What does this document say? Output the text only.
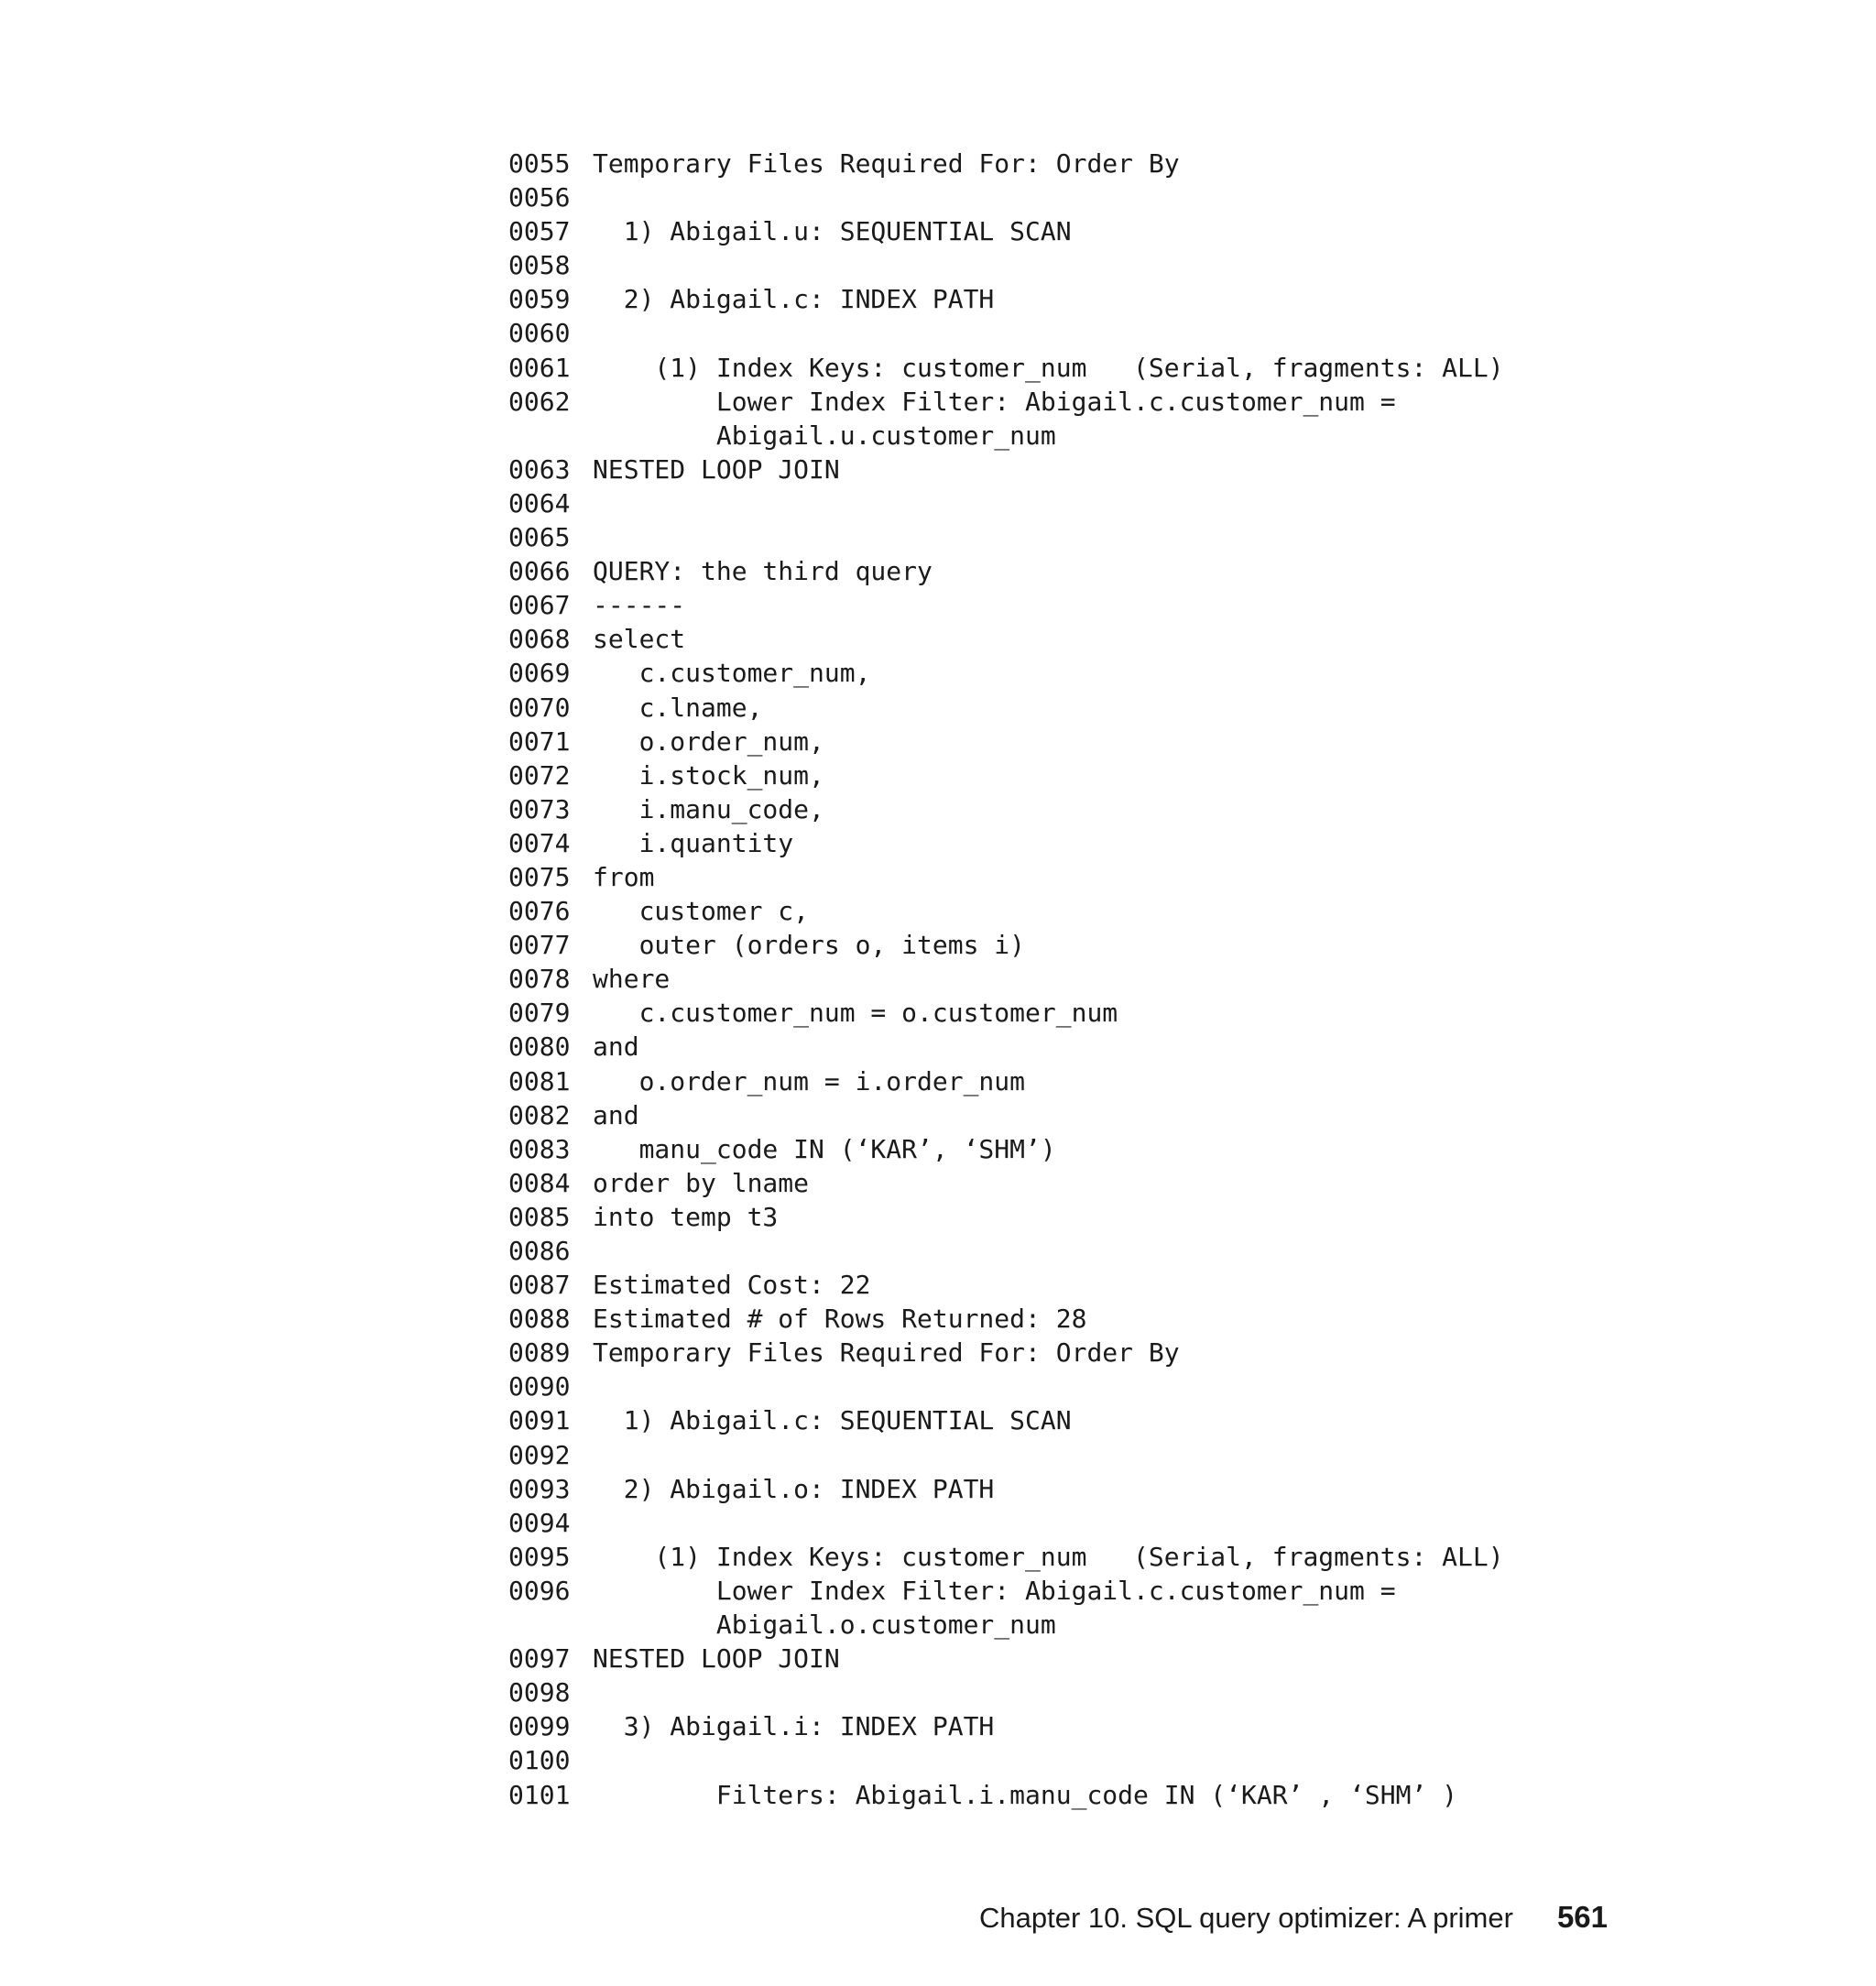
0055 Temporary Files Required For: Order By
0056
0057 1) Abigail.u: SEQUENTIAL SCAN
0058
0059 2) Abigail.c: INDEX PATH
0060
0061 (1) Index Keys: customer_num   (Serial, fragments: ALL)
0062 Lower Index Filter: Abigail.c.customer_num =
Abigail.u.customer_num
0063 NESTED LOOP JOIN
0064
0065
0066 QUERY: the third query
0067 ------
0068 select
0069 c.customer_num,
0070 c.lname,
0071 o.order_num,
0072 i.stock_num,
0073 i.manu_code,
0074 i.quantity
0075 from
0076 customer c,
0077 outer (orders o, items i)
0078 where
0079 c.customer_num = o.customer_num
0080 and
0081 o.order_num = i.order_num
0082 and
0083 manu_code IN (‘KAR’, ‘SHM’)
0084 order by lname
0085 into temp t3
0086
0087 Estimated Cost: 22
0088 Estimated # of Rows Returned: 28
0089 Temporary Files Required For: Order By
0090
0091 1) Abigail.c: SEQUENTIAL SCAN
0092
0093 2) Abigail.o: INDEX PATH
0094
0095 (1) Index Keys: customer_num   (Serial, fragments: ALL)
0096 Lower Index Filter: Abigail.c.customer_num =
Abigail.o.customer_num
0097 NESTED LOOP JOIN
0098
0099 3) Abigail.i: INDEX PATH
0100
0101 Filters: Abigail.i.manu_code IN (‘KAR’ , ‘SHM’ )
Chapter 10. SQL query optimizer: A primer 561
